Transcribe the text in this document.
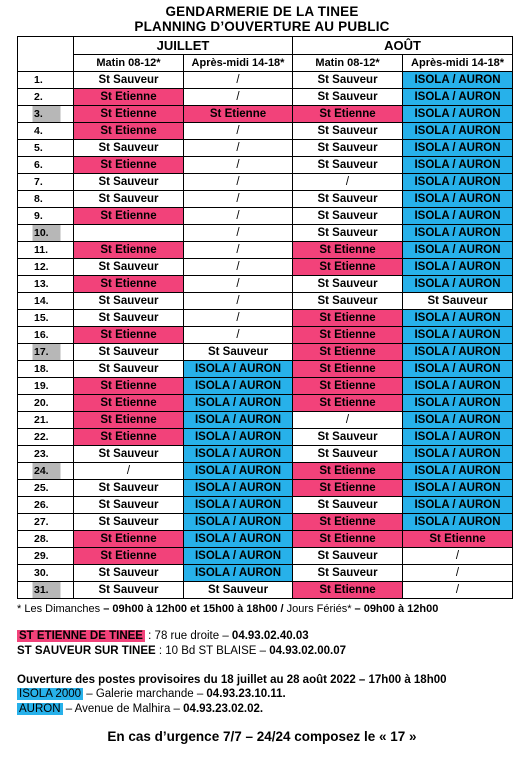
GENDARMERIE DE LA TINEE
PLANNING D’OUVERTURE AU PUBLIC
	JUILLET		AOÛT	
	Matin 08-12*	Après-midi 14-18*	Matin 08-12*	Après-midi 14-18*
1.	St Sauveur	/	St Sauveur	ISOLA / AURON
2.	St Etienne	/	St Sauveur	ISOLA / AURON
3.	St Etienne	St Etienne	St Etienne	ISOLA / AURON
4.	St Etienne	/	St Sauveur	ISOLA / AURON
5.	St Sauveur	/	St Sauveur	ISOLA / AURON
6.	St Etienne	/	St Sauveur	ISOLA / AURON
7.	St Sauveur	/	/	ISOLA / AURON
8.	St Sauveur	/	St Sauveur	ISOLA / AURON
9.	St Etienne	/	St Sauveur	ISOLA / AURON
10.		/	St Sauveur	ISOLA / AURON
11.	St Etienne	/	St Etienne	ISOLA / AURON
12.	St Sauveur	/	St Etienne	ISOLA / AURON
13.	St Etienne	/	St Sauveur	ISOLA / AURON
14.	St Sauveur	/	St Sauveur	St Sauveur
15.	St Sauveur	/	St Etienne	ISOLA / AURON
16.	St Etienne	/	St Etienne	ISOLA / AURON
17.	St Sauveur	St Sauveur	St Etienne	ISOLA / AURON
18.	St Sauveur	ISOLA / AURON	St Etienne	ISOLA / AURON
19.	St Etienne	ISOLA / AURON	St Etienne	ISOLA / AURON
20.	St Etienne	ISOLA / AURON	St Etienne	ISOLA / AURON
21.	St Etienne	ISOLA / AURON	/	ISOLA / AURON
22.	St Etienne	ISOLA / AURON	St Sauveur	ISOLA / AURON
23.	St Sauveur	ISOLA / AURON	St Sauveur	ISOLA / AURON
24.	/	ISOLA / AURON	St Etienne	ISOLA / AURON
25.	St Sauveur	ISOLA / AURON	St Etienne	ISOLA / AURON
26.	St Sauveur	ISOLA / AURON	St Sauveur	ISOLA / AURON
27.	St Sauveur	ISOLA / AURON	St Etienne	ISOLA / AURON
28.	St Etienne	ISOLA / AURON	St Etienne	St Etienne
29.	St Etienne	ISOLA / AURON	St Sauveur	/
30.	St Sauveur	ISOLA / AURON	St Sauveur	/
31.	St Sauveur	St Sauveur	St Etienne	/
* Les Dimanches – 09h00 à 12h00 et 15h00 à 18h00 / Jours Fériés* – 09h00 à 12h00
ST ETIENNE DE TINEE : 78 rue droite – 04.93.02.40.03
ST SAUVEUR SUR TINEE : 10 Bd ST BLAISE – 04.93.02.00.07
Ouverture des postes provisoires du 18 juillet au 28 août 2022 – 17h00 à 18h00
ISOLA 2000 – Galerie marchande – 04.93.23.10.11.
AURON – Avenue de Malhira – 04.93.23.02.02.
En cas d’urgence 7/7 – 24/24 composez le « 17 »
